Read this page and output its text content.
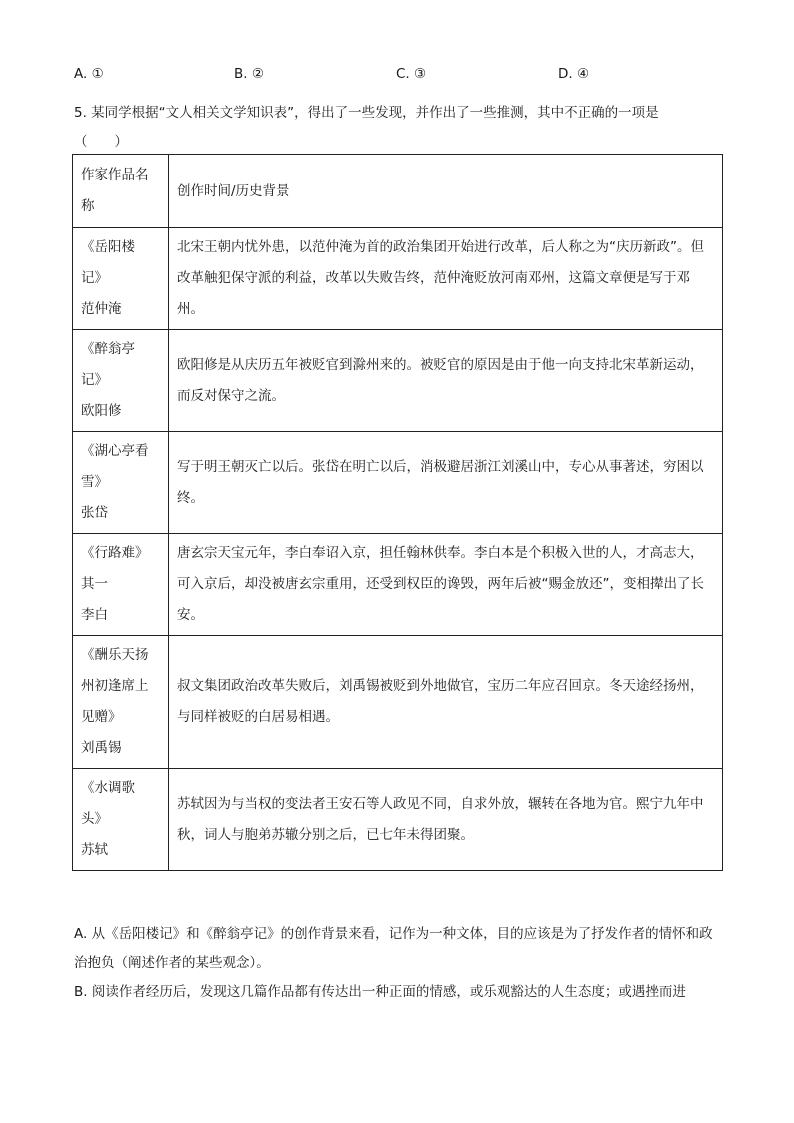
A. ①	B. ②	C. ③	D. ④
5. 某同学根据“文人相关文学知识表”，得出了一些发现，并作出了一些推测，其中不正确的一项是
（　　）
作家作品名称	创作时间/历史背景
《岳阳楼记》
范仲淹	北宋王朝内忧外患，以范仲淹为首的政治集团开始进行改革，后人称之为“庆历新政”。但改革触犯保守派的利益，改革以失败告终，范仲淹贬放河南邓州，这篇文章便是写于邓州。
《醉翁亭记》
欧阳修	欧阳修是从庆历五年被贬官到滁州来的。被贬官的原因是由于他一向支持北宋革新运动，而反对保守之流。
《湖心亭看雪》
张岱	写于明王朝灭亡以后。张岱在明亡以后，消极避居浙江刘溪山中，专心从事著述，穷困以终。
《行路难》其一
李白	唐玄宗天宝元年，李白奉诏入京，担任翰林供奉。李白本是个积极入世的人，才高志大，可入京后，却没被唐玄宗重用，还受到权臣的谗毁，两年后被“赐金放还”，变相撵出了长安。
《酬乐天扬州初逢席上见赠》
刘禹锡	叔文集团政治改革失败后，刘禹锡被贬到外地做官，宝历二年应召回京。冬天途经扬州，与同样被贬的白居易相遇。
《水调歌头》
苏轼	苏轼因为与当权的变法者王安石等人政见不同，自求外放，辗转在各地为官。熙宁九年中秋，词人与胞弟苏辙分别之后，已七年未得团聚。

A. 从《岳阳楼记》和《醉翁亭记》的创作背景来看，记作为一种文体，目的应该是为了抒发作者的情怀和政治抱负（阐述作者的某些观念）。

B. 阅读作者经历后，发现这几篇作品都有传达出一种正面的情感，或乐观豁达的人生态度；或遇挫而进
